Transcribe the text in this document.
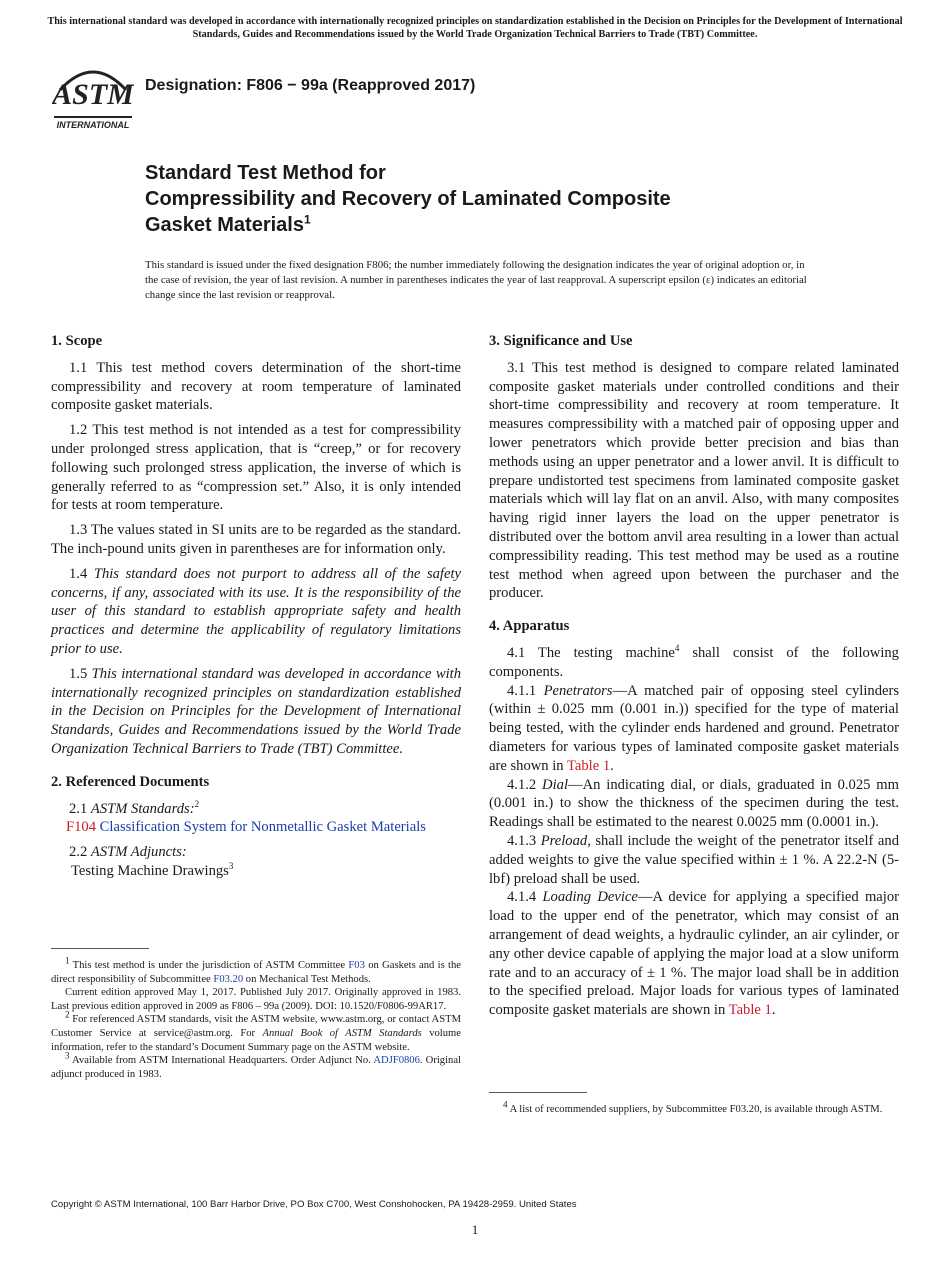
This international standard was developed in accordance with internationally recognized principles on standardization established in the Decision on Principles for the Development of International Standards, Guides and Recommendations issued by the World Trade Organization Technical Barriers to Trade (TBT) Committee.
ASTM
INTERNATIONAL
Designation: F806 − 99a (Reapproved 2017)
Standard Test Method for
Compressibility and Recovery of Laminated Composite
Gasket Materials$^1$
This standard is issued under the fixed designation F806; the number immediately following the designation indicates the year of original adoption or, in the case of revision, the year of last revision. A number in parentheses indicates the year of last reapproval. A superscript epsilon (ε) indicates an editorial change since the last revision or reapproval.
1. Scope

1.1 This test method covers determination of the short-time compressibility and recovery at room temperature of laminated composite gasket materials.

1.2 This test method is not intended as a test for compressibility under prolonged stress application, that is “creep,” or for recovery following such prolonged stress application, the inverse of which is generally referred to as “compression set.” Also, it is only intended for tests at room temperature.

1.3 The values stated in SI units are to be regarded as the standard. The inch-pound units given in parentheses are for information only.

1.4 This standard does not purport to address all of the safety concerns, if any, associated with its use. It is the responsibility of the user of this standard to establish appropriate safety and health practices and determine the applicability of regulatory limitations prior to use.

1.5 This international standard was developed in accordance with internationally recognized principles on standardization established in the Decision on Principles for the Development of International Standards, Guides and Recommendations issued by the World Trade Organization Technical Barriers to Trade (TBT) Committee.

2. Referenced Documents

2.1 ASTM Standards:$^2$

F104 Classification System for Nonmetallic Gasket Materials

2.2 ASTM Adjuncts:

Testing Machine Drawings$^3$

$^1$ This test method is under the jurisdiction of ASTM Committee F03 on Gaskets and is the direct responsibility of Subcommittee F03.20 on Mechanical Test Methods.

Current edition approved May 1, 2017. Published July 2017. Originally approved in 1983. Last previous edition approved in 2009 as F806 – 99a (2009). DOI: 10.1520/F0806-99AR17.

$^2$ For referenced ASTM standards, visit the ASTM website, www.astm.org, or contact ASTM Customer Service at service@astm.org. For Annual Book of ASTM Standards volume information, refer to the standard’s Document Summary page on the ASTM website.

$^3$ Available from ASTM International Headquarters. Order Adjunct No. ADJF0806. Original adjunct produced in 1983.

3. Significance and Use

3.1 This test method is designed to compare related laminated composite gasket materials under controlled conditions and their short-time compressibility and recovery at room temperature. It measures compressibility with a matched pair of opposing upper and lower penetrators which provide better precision and bias than methods using an upper penetrator and a lower anvil. It is difficult to prepare undistorted test specimens from laminated composite gasket materials which will lay flat on an anvil. Also, with many composites having rigid inner layers the load on the upper penetrator is distributed over the bottom anvil area resulting in a lower than actual compressibility reading. This test method may be used as a routine test method when agreed upon between the purchaser and the producer.

4. Apparatus

4.1 The testing machine$^4$ shall consist of the following components.

4.1.1 Penetrators—A matched pair of opposing steel cylinders (within ± 0.025 mm (0.001 in.)) specified for the type of material being tested, with the cylinder ends hardened and ground. Penetrator diameters for various types of laminated composite gasket materials are shown in Table 1.

4.1.2 Dial—An indicating dial, or dials, graduated in 0.025 mm (0.001 in.) to show the thickness of the specimen during the test. Readings shall be estimated to the nearest 0.0025 mm (0.0001 in.).

4.1.3 Preload, shall include the weight of the penetrator itself and added weights to give the value specified within ± 1 %. A 22.2-N (5-lbf) preload shall be used.

4.1.4 Loading Device—A device for applying a specified major load to the upper end of the penetrator, which may consist of an arrangement of dead weights, a hydraulic cylinder, an air cylinder, or any other device capable of applying the major load at a slow uniform rate and to an accuracy of ± 1 %. The major load shall be in addition to the specified preload. Major loads for various types of laminated composite gasket materials are shown in Table 1.

$^4$ A list of recommended suppliers, by Subcommittee F03.20, is available through ASTM.

Copyright © ASTM International, 100 Barr Harbor Drive, PO Box C700, West Conshohocken, PA 19428-2959. United States
1
